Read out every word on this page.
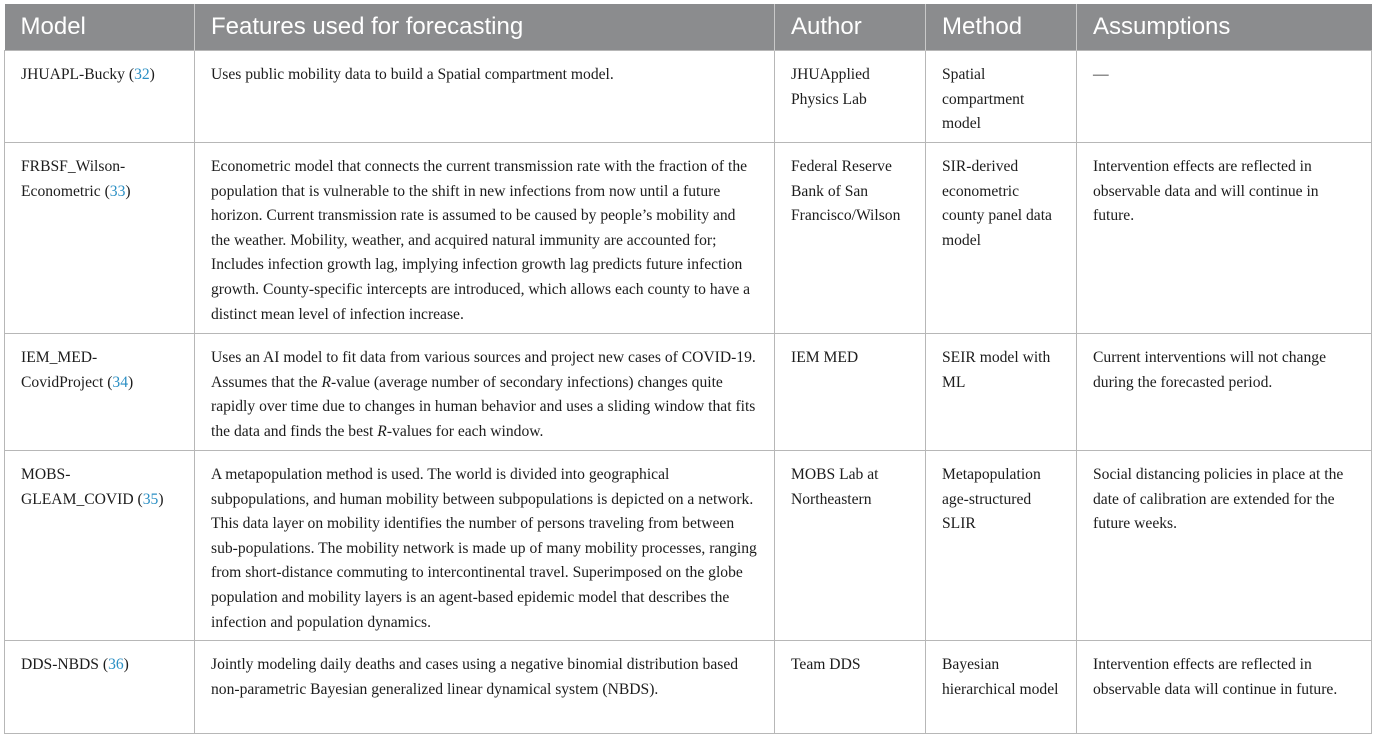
Model	Features used for forecasting	Author	Method	Assumptions
JHUAPL-Bucky (32)	Uses public mobility data to build a Spatial compartment model.	JHUApplied Physics Lab	Spatial compartment model	—
FRBSF_Wilson-Econometric (33)	Econometric model that connects the current transmission rate with the fraction of the population that is vulnerable to the shift in new infections from now until a future horizon. Current transmission rate is assumed to be caused by people’s mobility and the weather. Mobility, weather, and acquired natural immunity are accounted for; Includes infection growth lag, implying infection growth lag predicts future infection growth. County-specific intercepts are introduced, which allows each county to have a distinct mean level of infection increase.	Federal Reserve Bank of San Francisco/Wilson	SIR-derived econometric county panel data model	Intervention effects are reflected in observable data and will continue in future.
IEM_MED-CovidProject (34)	Uses an AI model to fit data from various sources and project new cases of COVID-19. Assumes that the R-value (average number of secondary infections) changes quite rapidly over time due to changes in human behavior and uses a sliding window that fits the data and finds the best R-values for each window.	IEM MED	SEIR model with ML	Current interventions will not change during the forecasted period.
MOBS-GLEAM_COVID (35)	A metapopulation method is used. The world is divided into geographical subpopulations, and human mobility between subpopulations is depicted on a network. This data layer on mobility identifies the number of persons traveling from between sub-populations. The mobility network is made up of many mobility processes, ranging from short-distance commuting to intercontinental travel. Superimposed on the globe population and mobility layers is an agent-based epidemic model that describes the infection and population dynamics.	MOBS Lab at Northeastern	Metapopulation age-structured SLIR	Social distancing policies in place at the date of calibration are extended for the future weeks.
DDS-NBDS (36)	Jointly modeling daily deaths and cases using a negative binomial distribution based non-parametric Bayesian generalized linear dynamical system (NBDS).	Team DDS	Bayesian hierarchical model	Intervention effects are reflected in observable data will continue in future.
